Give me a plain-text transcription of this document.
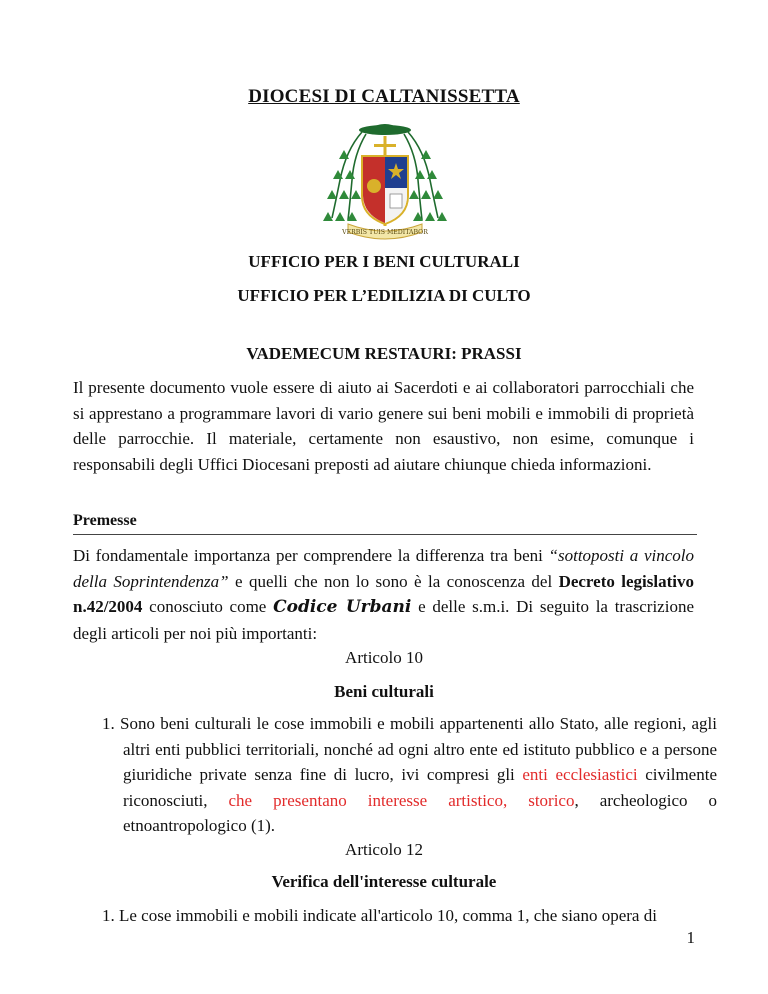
DIOCESI DI CALTANISSETTA
VERBIS TUIS MEDITABOR
UFFICIO PER I BENI CULTURALI
UFFICIO PER L’EDILIZIA DI CULTO
VADEMECUM RESTAURI: PRASSI
Il presente documento vuole essere di aiuto ai Sacerdoti e ai collaboratori parrocchiali che si apprestano a programmare lavori di vario genere sui beni mobili e immobili di proprietà delle parrocchie. Il materiale, certamente non esaustivo, non esime, comunque i responsabili degli Uffici Diocesani preposti ad aiutare chiunque chieda informazioni.
Premesse
Di fondamentale importanza per comprendere la differenza tra beni “sottoposti a vincolo della Soprintendenza” e quelli che non lo sono è la conoscenza del Decreto legislativo n.42/2004 conosciuto come Codice Urbani e delle s.m.i. Di seguito la trascrizione degli articoli per noi più importanti:
Articolo 10
Beni culturali
1. Sono beni culturali le cose immobili e mobili appartenenti allo Stato, alle regioni, agli altri enti pubblici territoriali, nonché ad ogni altro ente ed istituto pubblico e a persone giuridiche private senza fine di lucro, ivi compresi gli enti ecclesiastici civilmente riconosciuti, che presentano interesse artistico, storico, archeologico o etnoantropologico (1).
Articolo 12
Verifica dell'interesse culturale
1. Le cose immobili e mobili indicate all'articolo 10, comma 1, che siano opera di
1
